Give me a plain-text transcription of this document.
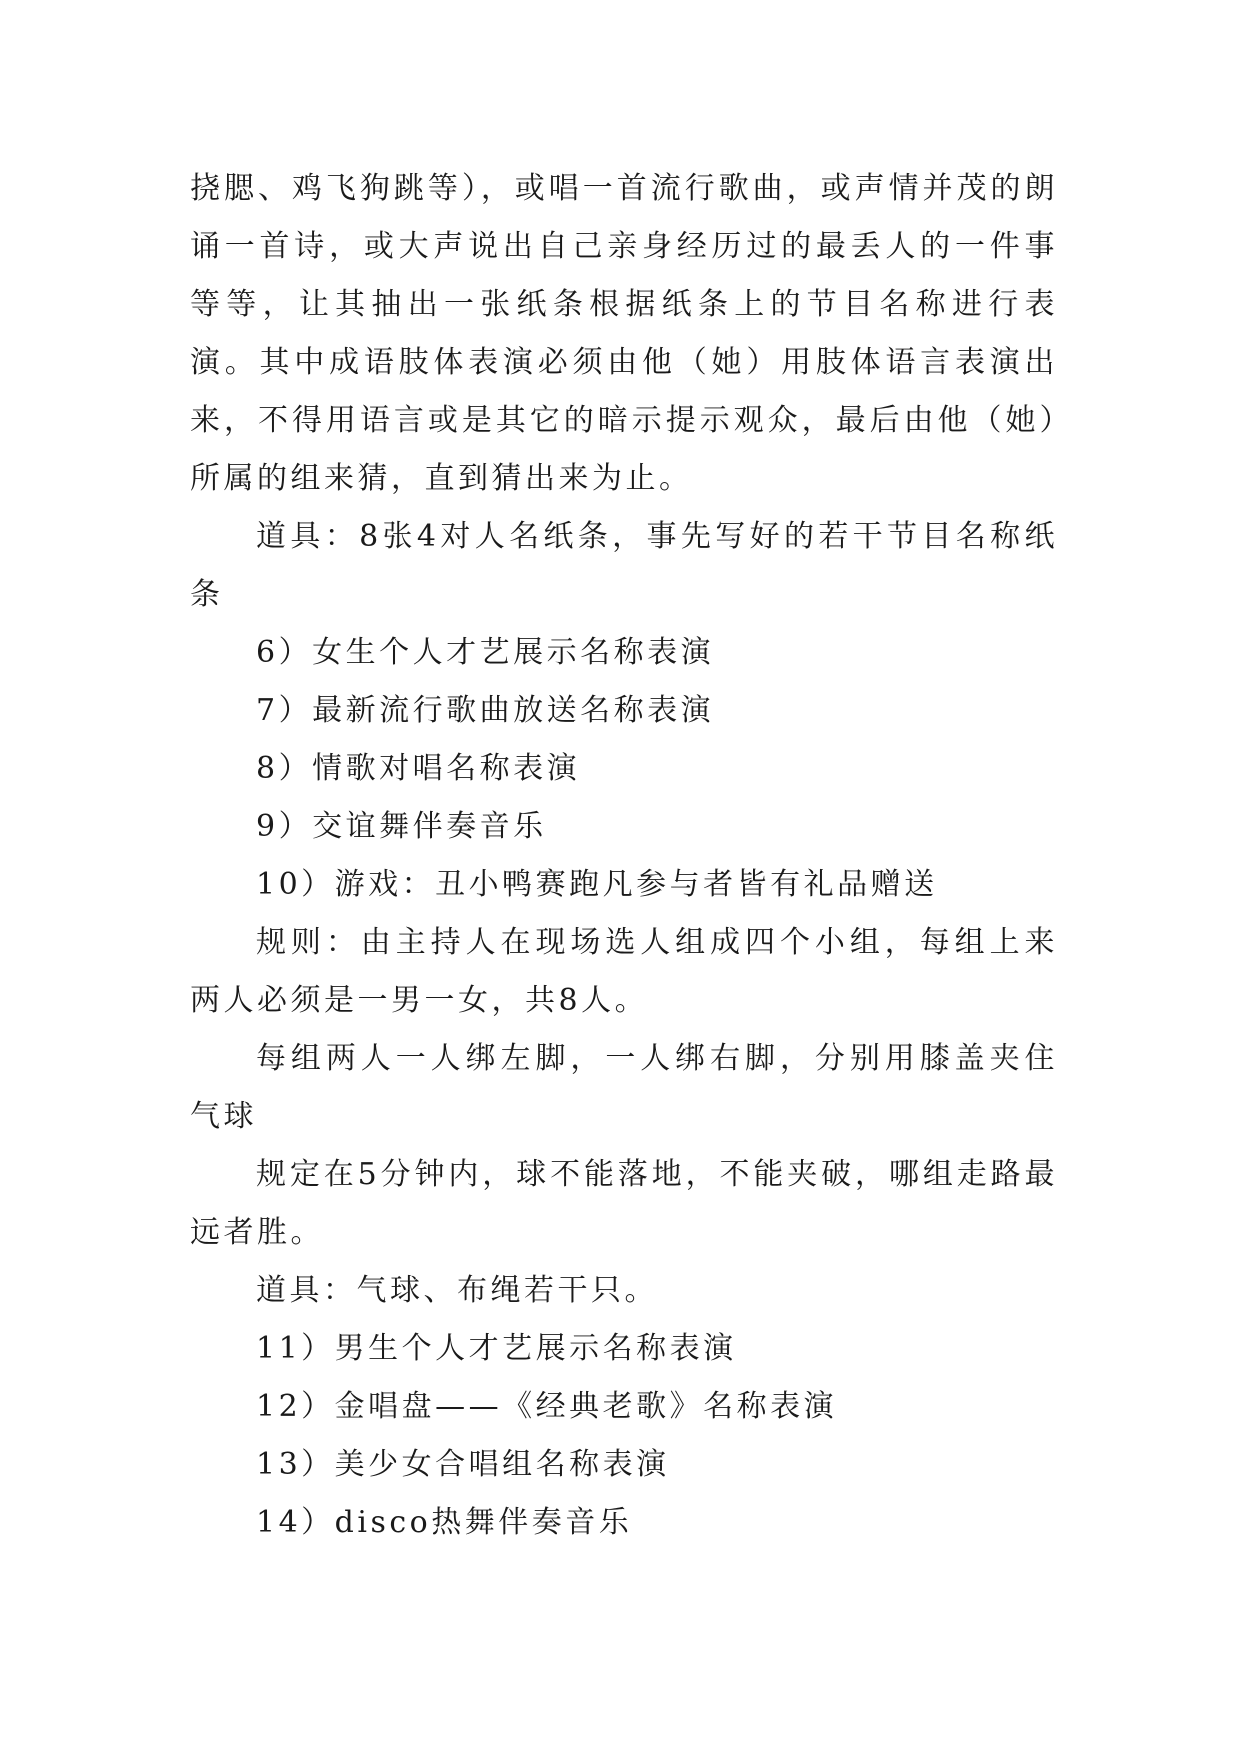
挠腮、鸡飞狗跳等），或唱一首流行歌曲，或声情并茂的朗诵一首诗，或大声说出自己亲身经历过的最丢人的一件事等等，让其抽出一张纸条根据纸条上的节目名称进行表演。其中成语肢体表演必须由他（她）用肢体语言表演出来，不得用语言或是其它的暗示提示观众，最后由他（她）所属的组来猜，直到猜出来为止。

道具：8张4对人名纸条，事先写好的若干节目名称纸条

6）女生个人才艺展示名称表演

7）最新流行歌曲放送名称表演

8）情歌对唱名称表演

9）交谊舞伴奏音乐

10）游戏：丑小鸭赛跑凡参与者皆有礼品赠送

规则：由主持人在现场选人组成四个小组，每组上来两人必须是一男一女，共8人。

每组两人一人绑左脚，一人绑右脚，分别用膝盖夹住气球

规定在5分钟内，球不能落地，不能夹破，哪组走路最远者胜。

道具：气球、布绳若干只。

11）男生个人才艺展示名称表演

12）金唱盘——《经典老歌》名称表演

13）美少女合唱组名称表演

14）disco热舞伴奏音乐
